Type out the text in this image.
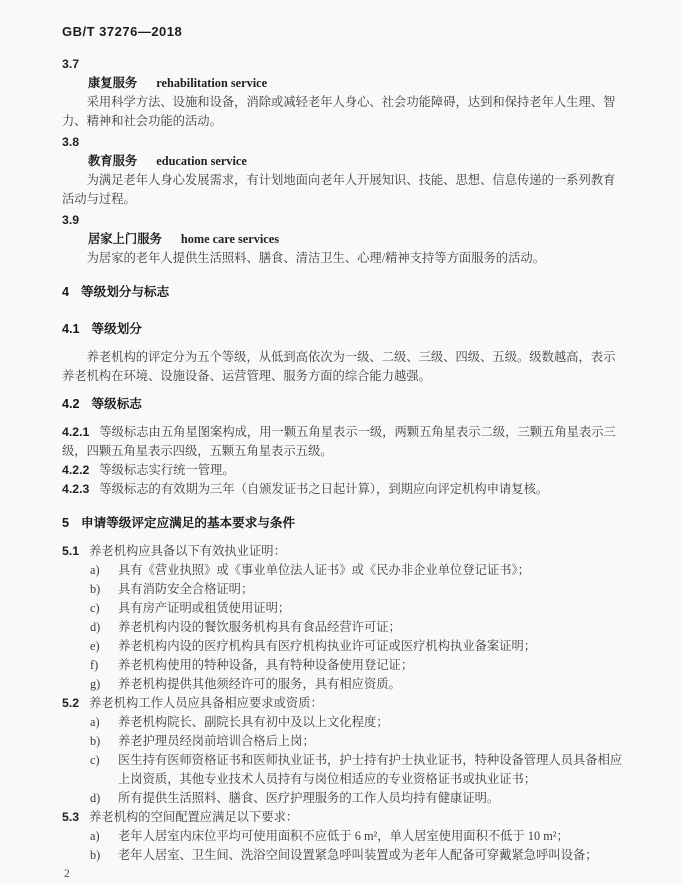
GB/T 37276—2018

3.7

康复服务 rehabilitation service

采用科学方法、设施和设备，消除或减轻老年人身心、社会功能障碍，达到和保持老年人生理、智力、精神和社会功能的活动。

3.8

教育服务 education service

为满足老年人身心发展需求，有计划地面向老年人开展知识、技能、思想、信息传递的一系列教育活动与过程。

3.9

居家上门服务 home care services

为居家的老年人提供生活照料、膳食、清洁卫生、心理/精神支持等方面服务的活动。

4 等级划分与标志

4.1 等级划分

养老机构的评定分为五个等级，从低到高依次为一级、二级、三级、四级、五级。级数越高，表示养老机构在环境、设施设备、运营管理、服务方面的综合能力越强。

4.2 等级标志

4.2.1 等级标志由五角星图案构成，用一颗五角星表示一级，两颗五角星表示二级，三颗五角星表示三级，四颗五角星表示四级，五颗五角星表示五级。

4.2.2 等级标志实行统一管理。

4.2.3 等级标志的有效期为三年（自颁发证书之日起计算），到期应向评定机构申请复核。

5 申请等级评定应满足的基本要求与条件

5.1 养老机构应具备以下有效执业证明：

a)	具有《营业执照》或《事业单位法人证书》或《民办非企业单位登记证书》；
b)	具有消防安全合格证明；
c)	具有房产证明或租赁使用证明；
d)	养老机构内设的餐饮服务机构具有食品经营许可证；
e)	养老机构内设的医疗机构具有医疗机构执业许可证或医疗机构执业备案证明；
f)	养老机构使用的特种设备，具有特种设备使用登记证；
g)	养老机构提供其他须经许可的服务，具有相应资质。

5.2 养老机构工作人员应具备相应要求或资质：

a)	养老机构院长、副院长具有初中及以上文化程度；
b)	养老护理员经岗前培训合格后上岗；
c)	医生持有医师资格证书和医师执业证书，护士持有护士执业证书，特种设备管理人员具备相应上岗资质，其他专业技术人员持有与岗位相适应的专业资格证书或执业证书；
d)	所有提供生活照料、膳食、医疗护理服务的工作人员均持有健康证明。

5.3 养老机构的空间配置应满足以下要求：

a)	老年人居室内床位平均可使用面积不应低于 6 m²，单人居室使用面积不低于 10 m²；
b)	老年人居室、卫生间、洗浴空间设置紧急呼叫装置或为老年人配备可穿戴紧急呼叫设备；
2
